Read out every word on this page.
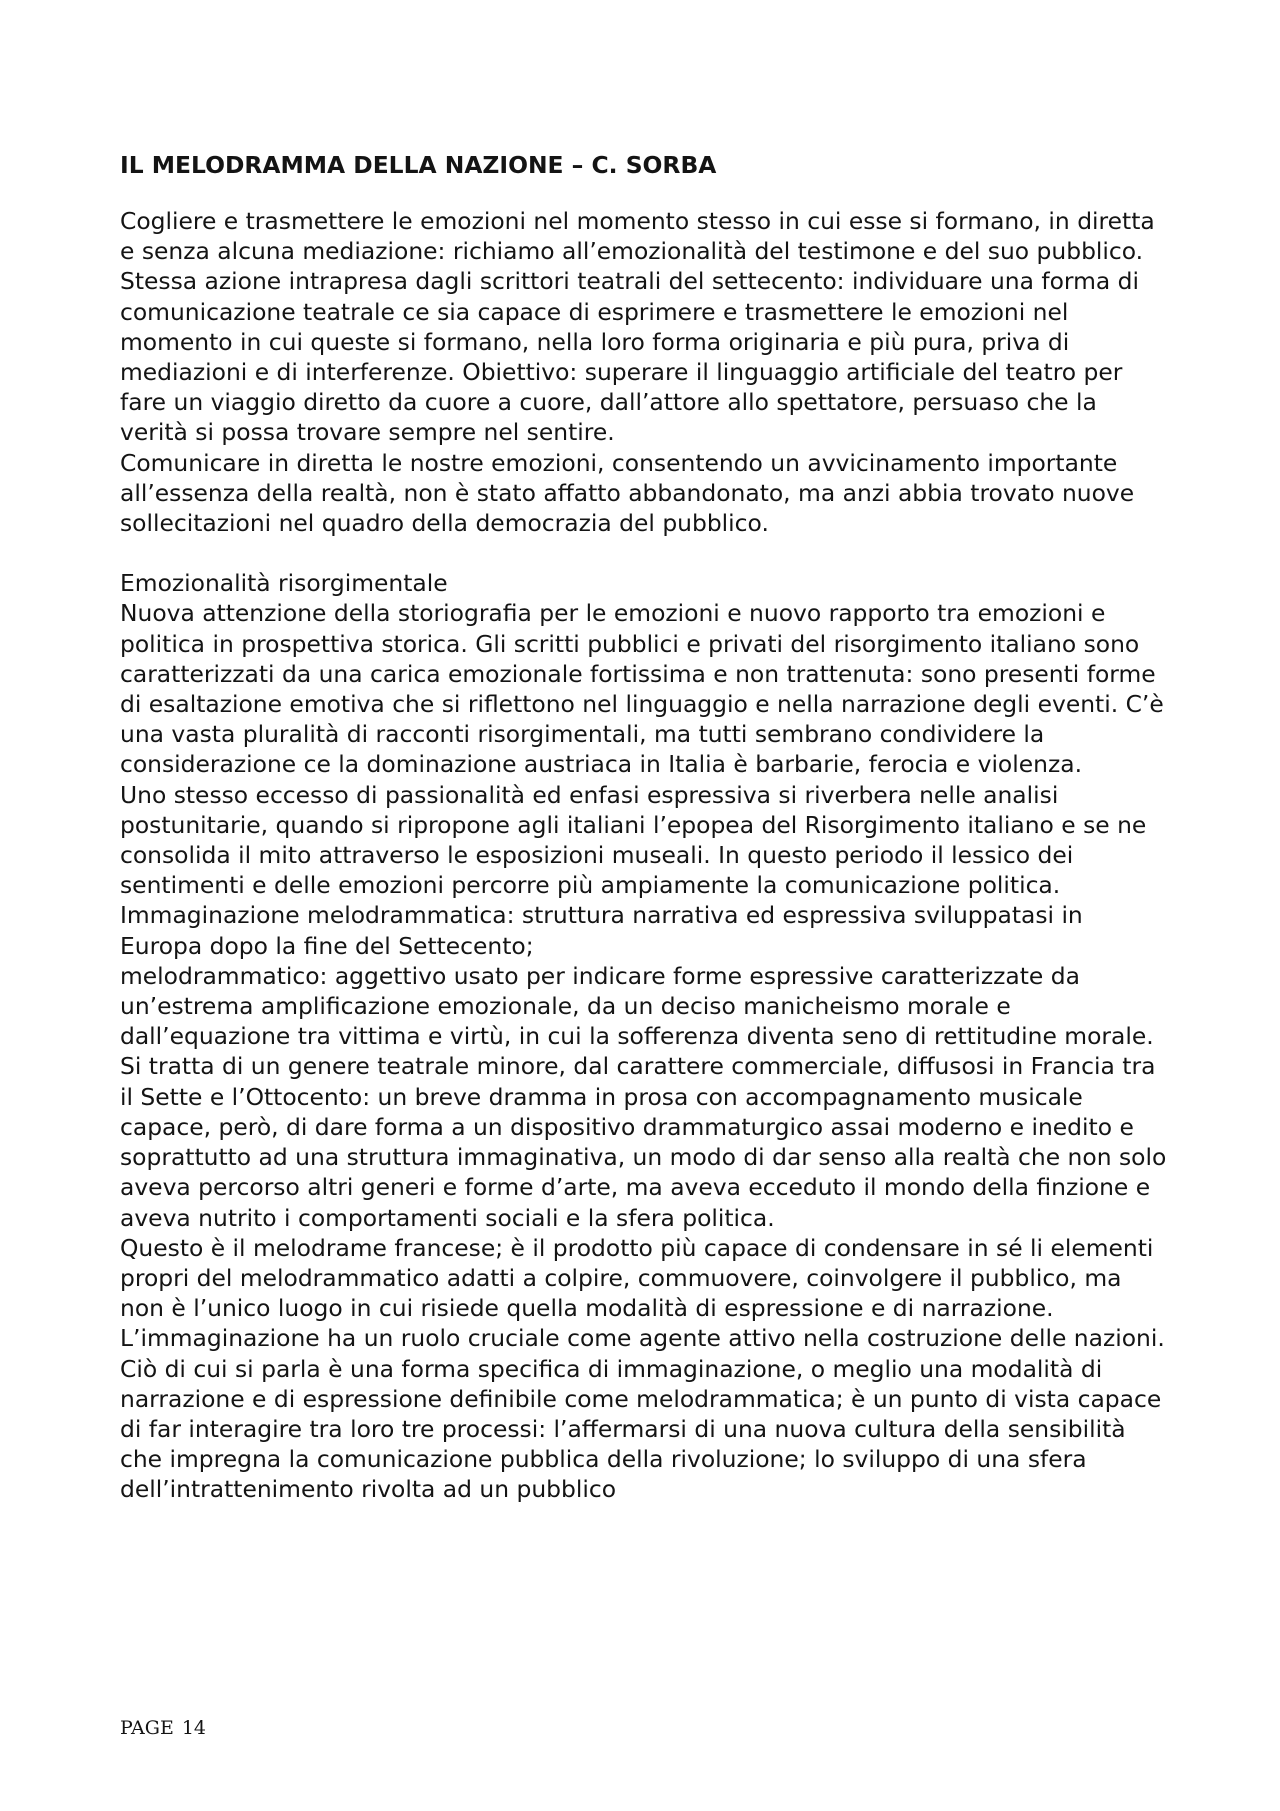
IL MELODRAMMA DELLA NAZIONE – C. SORBA

Cogliere e trasmettere le emozioni nel momento stesso in cui esse si formano, in diretta e senza alcuna mediazione: richiamo all’emozionalità del testimone e del suo pubblico.

Stessa azione intrapresa dagli scrittori teatrali del settecento: individuare una forma di comunicazione teatrale ce sia capace di esprimere e trasmettere le emozioni nel momento in cui queste si formano, nella loro forma originaria e più pura, priva di mediazioni e di interferenze. Obiettivo: superare il linguaggio artificiale del teatro per fare un viaggio diretto da cuore a cuore, dall’attore allo spettatore, persuaso che la verità si possa trovare sempre nel sentire.

Comunicare in diretta le nostre emozioni, consentendo un avvicinamento importante all’essenza della realtà, non è stato affatto abbandonato, ma anzi abbia trovato nuove sollecitazioni nel quadro della democrazia del pubblico.

Emozionalità risorgimentale

Nuova attenzione della storiografia per le emozioni e nuovo rapporto tra emozioni e politica in prospettiva storica. Gli scritti pubblici e privati del risorgimento italiano sono caratterizzati da una carica emozionale fortissima e non trattenuta: sono presenti forme di esaltazione emotiva che si riflettono nel linguaggio e nella narrazione degli eventi. C’è una vasta pluralità di racconti risorgimentali, ma tutti sembrano condividere la considerazione ce la dominazione austriaca in Italia è barbarie, ferocia e violenza.

Uno stesso eccesso di passionalità ed enfasi espressiva si riverbera nelle analisi postunitarie, quando si ripropone agli italiani l’epopea del Risorgimento italiano e se ne consolida il mito attraverso le esposizioni museali. In questo periodo il lessico dei sentimenti e delle emozioni percorre più ampiamente la comunicazione politica.

Immaginazione melodrammatica: struttura narrativa ed espressiva sviluppatasi in Europa dopo la fine del Settecento;

melodrammatico: aggettivo usato per indicare forme espressive caratterizzate da un’estrema amplificazione emozionale, da un deciso manicheismo morale e dall’equazione tra vittima e virtù, in cui la sofferenza diventa seno di rettitudine morale. Si tratta di un genere teatrale minore, dal carattere commerciale, diffusosi in Francia tra il Sette e l’Ottocento: un breve dramma in prosa con accompagnamento musicale capace, però, di dare forma a un dispositivo drammaturgico assai moderno e inedito e soprattutto ad una struttura immaginativa, un modo di dar senso alla realtà che non solo aveva percorso altri generi e forme d’arte, ma aveva ecceduto il mondo della finzione e aveva nutrito i comportamenti sociali e la sfera politica.

Questo è il melodrame francese; è il prodotto più capace di condensare in sé li elementi propri del melodrammatico adatti a colpire, commuovere, coinvolgere il pubblico, ma non è l’unico luogo in cui risiede quella modalità di espressione e di narrazione.

L’immaginazione ha un ruolo cruciale come agente attivo nella costruzione delle nazioni.

Ciò di cui si parla è una forma specifica di immaginazione, o meglio una modalità di narrazione e di espressione definibile come melodrammatica; è un punto di vista capace di far interagire tra loro tre processi: l’affermarsi di una nuova cultura della sensibilità che impregna la comunicazione pubblica della rivoluzione; lo sviluppo di una sfera dell’intrattenimento rivolta ad un pubblico

PAGE 14
